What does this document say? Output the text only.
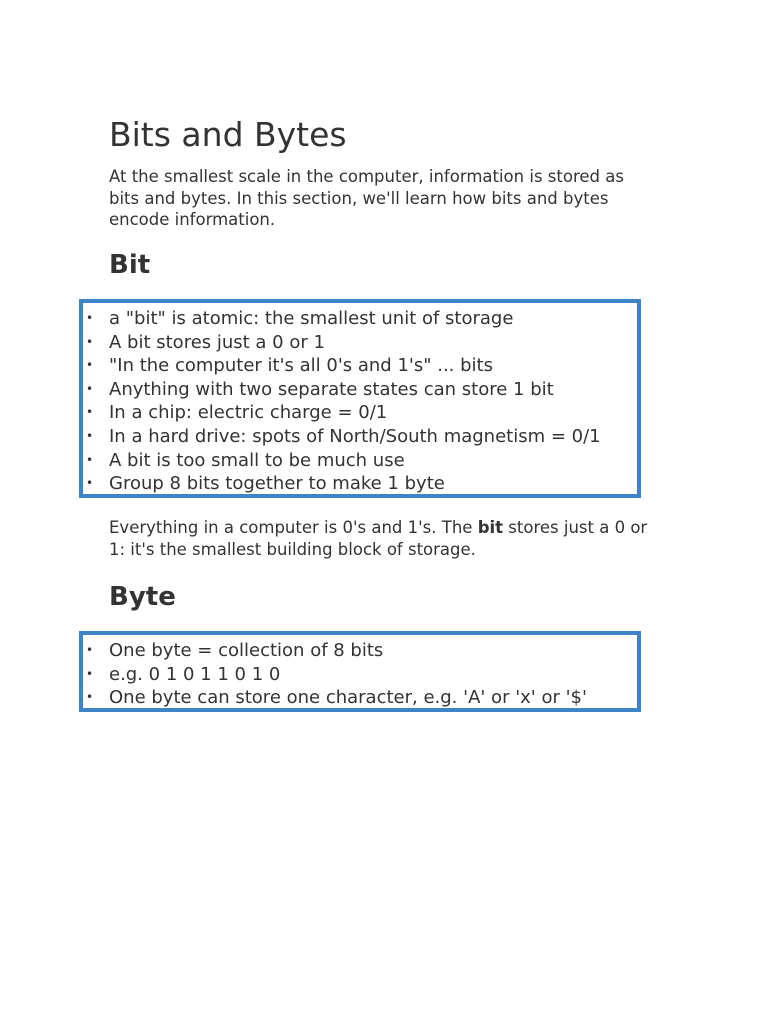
Bits and Bytes

At the smallest scale in the computer, information is stored as bits and bytes. In this section, we'll learn how bits and bytes encode information.

Bit
• a "bit" is atomic: the smallest unit of storage
• A bit stores just a 0 or 1
• "In the computer it's all 0's and 1's" ... bits
• Anything with two separate states can store 1 bit
• In a chip: electric charge = 0/1
• In a hard drive: spots of North/South magnetism = 0/1
• A bit is too small to be much use
• Group 8 bits together to make 1 byte

Everything in a computer is 0's and 1's. The bit stores just a 0 or 1: it's the smallest building block of storage.

Byte
• One byte = collection of 8 bits
• e.g. 0 1 0 1 1 0 1 0
• One byte can store one character, e.g. 'A' or 'x' or '$'
